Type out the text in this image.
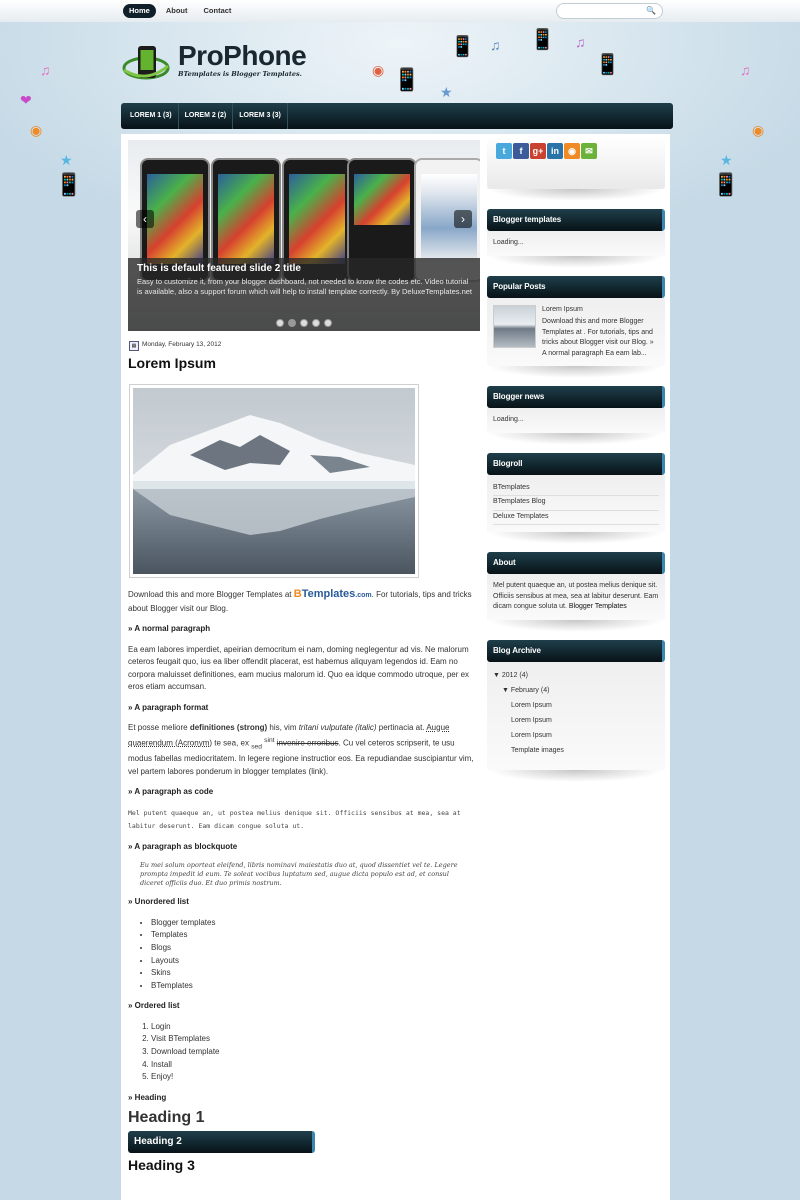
Home	About	Contact	🔍
♫
◉
★
📱
❤
♫
◉
★
📱
📱
📱	📱
📱
♫	♫
★
◉
ProPhone
BTemplates is Blogger Templates.
LOREM 1 (3)	LOREM 2 (2)	LOREM 3 (3)
‹	›
This is default featured slide 2 title
Easy to customize it, from your blogger dashboard, not needed to know the codes etc. Video tutorial is available, also a support forum which will help to install template correctly. By DeluxeTemplates.net
▦ Monday, February 13, 2012
Lorem Ipsum

Download this and more Blogger Templates at BTemplates.com. For tutorials, tips and tricks about Blogger visit our Blog.

» A normal paragraph

Ea eam labores imperdiet, apeirian democritum ei nam, doming neglegentur ad vis. Ne malorum ceteros feugait quo, ius ea liber offendit placerat, est habemus aliquyam legendos id. Eam no corpora maluisset definitiones, eam mucius malorum id. Quo ea idque commodo utroque, per ex eros etiam accumsan.

» A paragraph format

Et posse meliore definitiones (strong) his, vim tritani vulputate (italic) pertinacia at. Augue quaerendum (Acronym) te sea, ex $_{sed}$ $^{sint}$ invenire erroribus. Cu vel ceteros scripserit, te usu modus fabellas mediocritatem. In legere regione instructior eos. Ea repudiandae suscipiantur vim, vel partem labores ponderum in blogger templates (link).

» A paragraph as code

Mel putent quaeque an, ut postea melius denique sit. Officiis sensibus at mea, sea at labitur deserunt. Eam dicam congue soluta ut.

» A paragraph as blockquote
Eu mei solum oporteat eleifend, libris nominavi maiestatis duo at, quod dissentiet vel te. Legere prompta impedit id eum. Te soleat vocibus luptatum sed, augue dicta populo est ad, et consul diceret officiis duo. Et duo primis nostrum.
» Unordered list
• Blogger templates
• Templates
• Blogs
• Layouts
• Skins
• BTemplates
» Ordered list
1. Login
2. Visit BTemplates
3. Download template
4. Install
5. Enjoy!
» Heading
Heading 1
Heading 2
Heading 3
t	f	g+ in	◉	✉
Blogger templates
Loading...
Popular Posts
Lorem Ipsum
Download this and more Blogger Templates at . For tutorials, tips and tricks about Blogger visit our Blog. » A normal paragraph Ea eam lab...
Blogger news
Loading...
Blogroll
BTemplates
BTemplates Blog
Deluxe Templates
About
Mel putent quaeque an, ut postea melius denique sit. Officiis sensibus at mea, sea at labitur deserunt. Eam dicam congue soluta ut. Blogger Templates
Blog Archive
▼ 2012 (4)
▼ February (4)
Lorem Ipsum
Lorem Ipsum
Lorem Ipsum
Template images
